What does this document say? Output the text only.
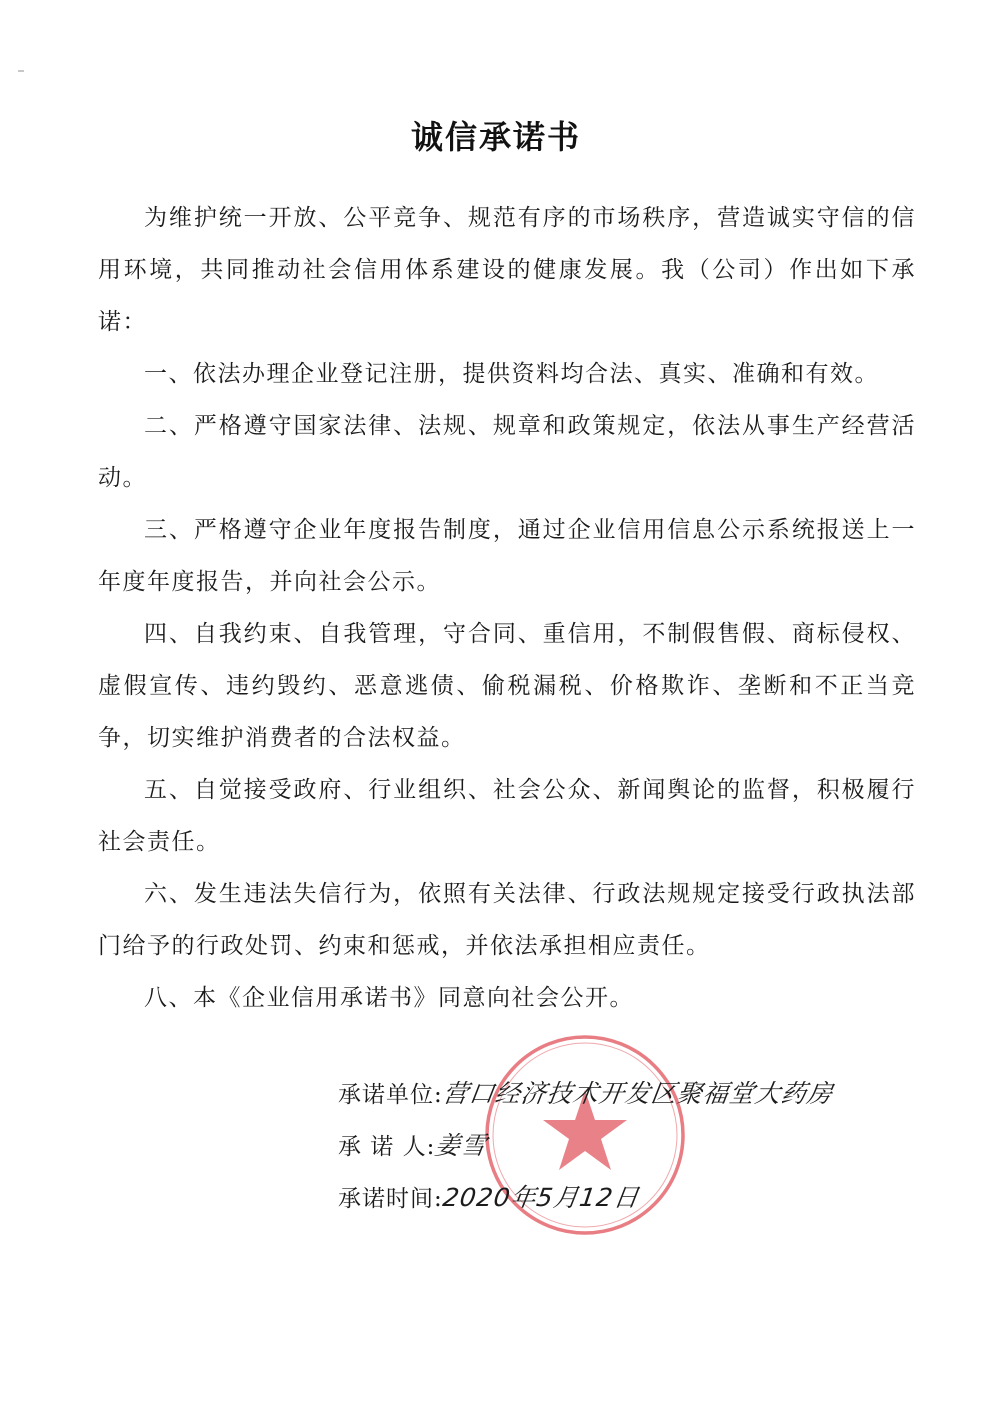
诚信承诺书

为维护统一开放、公平竞争、规范有序的市场秩序，营造诚实守信的信用环境，共同推动社会信用体系建设的健康发展。我（公司）作出如下承诺：

一、依法办理企业登记注册，提供资料均合法、真实、准确和有效。

二、严格遵守国家法律、法规、规章和政策规定，依法从事生产经营活动。

三、严格遵守企业年度报告制度，通过企业信用信息公示系统报送上一年度年度报告，并向社会公示。

四、自我约束、自我管理，守合同、重信用，不制假售假、商标侵权、虚假宣传、违约毁约、恶意逃债、偷税漏税、价格欺诈、垄断和不正当竞争，切实维护消费者的合法权益。

五、自觉接受政府、行业组织、社会公众、新闻舆论的监督，积极履行社会责任。

六、发生违法失信行为，依照有关法律、行政法规规定接受行政执法部门给予的行政处罚、约束和惩戒，并依法承担相应责任。

八、本《企业信用承诺书》同意向社会公开。

承诺单位:营口经济技术开发区聚福堂大药房
承 诺 人:姜雪
承诺时间:2020年5月12日
